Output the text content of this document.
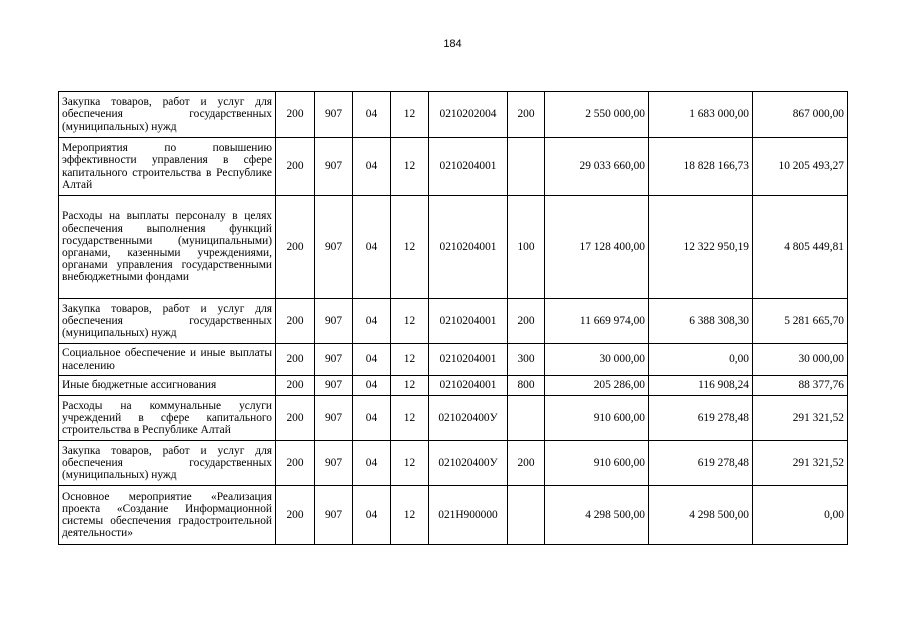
184
Закупка товаров, работ и услуг для обеспечения государственных (муниципальных) нужд	200	907	04	12	0210202004	200	2 550 000,00	1 683 000,00	867 000,00
Мероприятия по повышению эффективности управления в сфере капитального строительства в Республике Алтай	200	907	04	12	0210204001		29 033 660,00	18 828 166,73	10 205 493,27
Расходы на выплаты персоналу в целях обеспечения выполнения функций государственными (муниципальными) органами, казенными учреждениями, органами управления государственными внебюджетными фондами	200	907	04	12	0210204001	100	17 128 400,00	12 322 950,19	4 805 449,81
Закупка товаров, работ и услуг для обеспечения государственных (муниципальных) нужд	200	907	04	12	0210204001	200	11 669 974,00	6 388 308,30	5 281 665,70
Социальное обеспечение и иные выплаты населению	200	907	04	12	0210204001	300	30 000,00	0,00	30 000,00
Иные бюджетные ассигнования	200	907	04	12	0210204001	800	205 286,00	116 908,24	88 377,76
Расходы на коммунальные услуги учреждений в сфере капитального строительства в Республике Алтай	200	907	04	12	021020400У		910 600,00	619 278,48	291 321,52
Закупка товаров, работ и услуг для обеспечения государственных (муниципальных) нужд	200	907	04	12	021020400У	200	910 600,00	619 278,48	291 321,52
Основное мероприятие «Реализация проекта «Создание Информационной системы обеспечения градостроительной деятельности»	200	907	04	12	021Н900000		4 298 500,00	4 298 500,00	0,00
